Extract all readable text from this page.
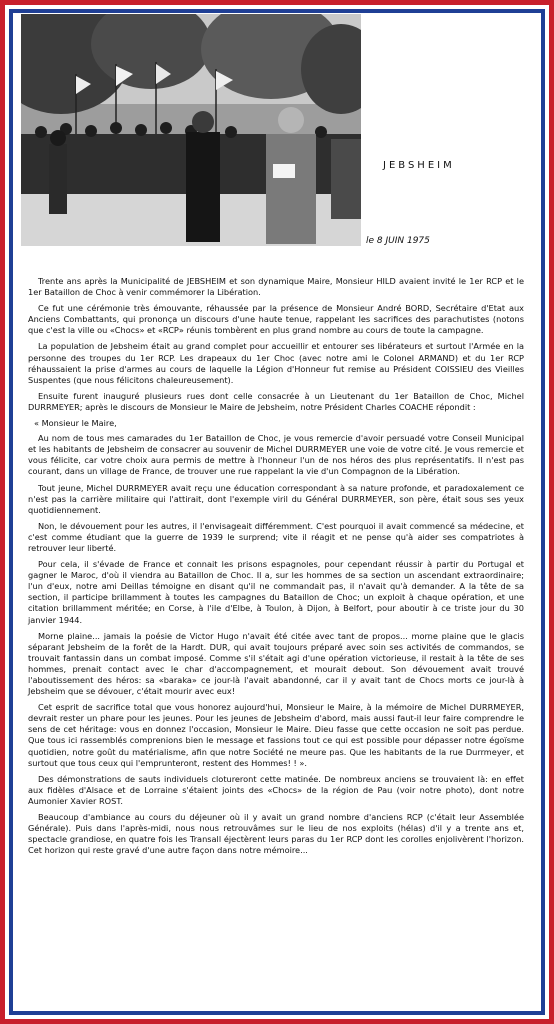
JEBSHEIM
le 8 JUIN 1975

Trente ans après la Municipalité de JEBSHEIM et son dynamique Maire, Monsieur HILD avaient invité le 1er RCP et le 1er Bataillon de Choc à venir commémorer la Libération.

Ce fut une cérémonie très émouvante, réhaussée par la présence de Monsieur André BORD, Secrétaire d'Etat aux Anciens Combattants, qui prononça un discours d'une haute tenue, rappelant les sacrifices des parachutistes (notons que c'est la ville ou «Chocs» et «RCP» réunis tombèrent en plus grand nombre au cours de toute la campagne.

La population de Jebsheim était au grand complet pour accueillir et entourer ses libérateurs et surtout l'Armée en la personne des troupes du 1er RCP. Les drapeaux du 1er Choc (avec notre ami le Colonel ARMAND) et du 1er RCP réhaussaient la prise d'armes au cours de laquelle la Légion d'Honneur fut remise au Président COISSIEU des Vieilles Suspentes (que nous félicitons chaleureusement).

Ensuite furent inauguré plusieurs rues dont celle consacrée à un Lieutenant du 1er Bataillon de Choc, Michel DURRMEYER; après le discours de Monsieur le Maire de Jebsheim, notre Président Charles COACHE répondit :

« Monsieur le Maire,

Au nom de tous mes camarades du 1er Bataillon de Choc, je vous remercie d'avoir persuadé votre Conseil Municipal et les habitants de Jebsheim de consacrer au souvenir de Michel DURRMEYER une voie de votre cité. Je vous remercie et vous félicite, car votre choix aura permis de mettre à l'honneur l'un de nos héros des plus représentatifs. Il n'est pas courant, dans un village de France, de trouver une rue rappelant la vie d'un Compagnon de la Libération.

Tout jeune, Michel DURRMEYER avait reçu une éducation correspondant à sa nature profonde, et paradoxalement ce n'est pas la carrière militaire qui l'attirait, dont l'exemple viril du Général DURRMEYER, son père, était sous ses yeux quotidiennement.

Non, le dévouement pour les autres, il l'envisageait différemment. C'est pourquoi il avait commencé sa médecine, et c'est comme étudiant que la guerre de 1939 le surprend; vite il réagit et ne pense qu'à aider ses compatriotes à retrouver leur liberté.

Pour cela, il s'évade de France et connait les prisons espagnoles, pour cependant réussir à partir du Portugal et gagner le Maroc, d'où il viendra au Bataillon de Choc. Il a, sur les hommes de sa section un ascendant extraordinaire; l'un d'eux, notre ami Deillas témoigne en disant qu'il ne commandait pas, il n'avait qu'à demander. A la tête de sa section, il participe brillamment à toutes les campagnes du Bataillon de Choc; un exploit à chaque opération, et une citation brillamment méritée; en Corse, à l'ile d'Elbe, à Toulon, à Dijon, à Belfort, pour aboutir à ce triste jour du 30 janvier 1944.

Morne plaine... jamais la poésie de Victor Hugo n'avait été citée avec tant de propos... morne plaine que le glacis séparant Jebsheim de la forêt de la Hardt. DUR, qui avait toujours préparé avec soin ses activités de commandos, se trouvait fantassin dans un combat imposé. Comme s'il s'était agi d'une opération victorieuse, il restait à la tête de ses hommes, prenait contact avec le char d'accompagnement, et mourait debout. Son dévouement avait trouvé l'aboutissement des héros: sa «baraka» ce jour-là l'avait abandonné, car il y avait tant de Chocs morts ce jour-là à Jebsheim que se dévouer, c'était mourir avec eux!

Cet esprit de sacrifice total que vous honorez aujourd'hui, Monsieur le Maire, à la mémoire de Michel DURRMEYER, devrait rester un phare pour les jeunes. Pour les jeunes de Jebsheim d'abord, mais aussi faut-il leur faire comprendre le sens de cet héritage: vous en donnez l'occasion, Monsieur le Maire. Dieu fasse que cette occasion ne soit pas perdue. Que tous ici rassemblés comprenions bien le message et fassions tout ce qui est possible pour dépasser notre égoïsme quotidien, notre goût du matérialisme, afin que notre Société ne meure pas. Que les habitants de la rue Durrmeyer, et surtout que tous ceux qui l'emprunteront, restent des Hommes! ! ».

Des démonstrations de sauts individuels clotureront cette matinée. De nombreux anciens se trouvaient là: en effet aux fidèles d'Alsace et de Lorraine s'étaient joints des «Chocs» de la région de Pau (voir notre photo), dont notre Aumonier Xavier ROST.

Beaucoup d'ambiance au cours du déjeuner où il y avait un grand nombre d'anciens RCP (c'était leur Assemblée Générale). Puis dans l'après-midi, nous nous retrouvâmes sur le lieu de nos exploits (hélas) d'il y a trente ans et, spectacle grandiose, en quatre fois les Transall éjectèrent leurs paras du 1er RCP dont les corolles enjolivèrent l'horizon. Cet horizon qui reste gravé d'une autre façon dans notre mémoire...
